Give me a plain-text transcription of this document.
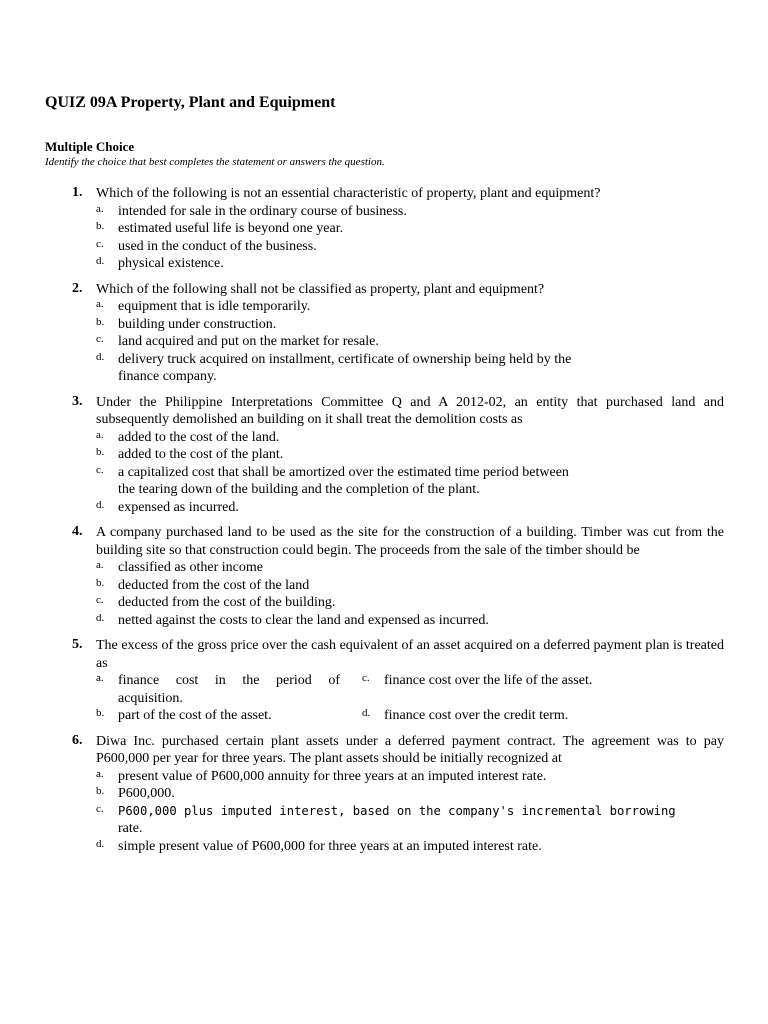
QUIZ 09A Property, Plant and Equipment
Multiple Choice
Identify the choice that best completes the statement or answers the question.
1. Which of the following is not an essential characteristic of property, plant and equipment?
a. intended for sale in the ordinary course of business.
b. estimated useful life is beyond one year.
c. used in the conduct of the business.
d. physical existence.
2. Which of the following shall not be classified as property, plant and equipment?
a. equipment that is idle temporarily.
b. building under construction.
c. land acquired and put on the market for resale.
d. delivery truck acquired on installment, certificate of ownership being held by the finance company.
3. Under the Philippine Interpretations Committee Q and A 2012-02, an entity that purchased land and subsequently demolished an building on it shall treat the demolition costs as
a. added to the cost of the land.
b. added to the cost of the plant.
c. a capitalized cost that shall be amortized over the estimated time period between the tearing down of the building and the completion of the plant.
d. expensed as incurred.
4. A company purchased land to be used as the site for the construction of a building. Timber was cut from the building site so that construction could begin. The proceeds from the sale of the timber should be
a. classified as other income
b. deducted from the cost of the land
c. deducted from the cost of the building.
d. netted against the costs to clear the land and expensed as incurred.
5. The excess of the gross price over the cash equivalent of an asset acquired on a deferred payment plan is treated as
a. finance cost in the period of acquisition.
c. finance cost over the life of the asset.
b. part of the cost of the asset.	d. finance cost over the credit term.
6. Diwa Inc. purchased certain plant assets under a deferred payment contract. The agreement was to pay P600,000 per year for three years. The plant assets should be initially recognized at
a. present value of P600,000 annuity for three years at an imputed interest rate.
b. P600,000.
c. P600,000 plus imputed interest, based on the company's incremental borrowing
rate.
d. simple present value of P600,000 for three years at an imputed interest rate.
